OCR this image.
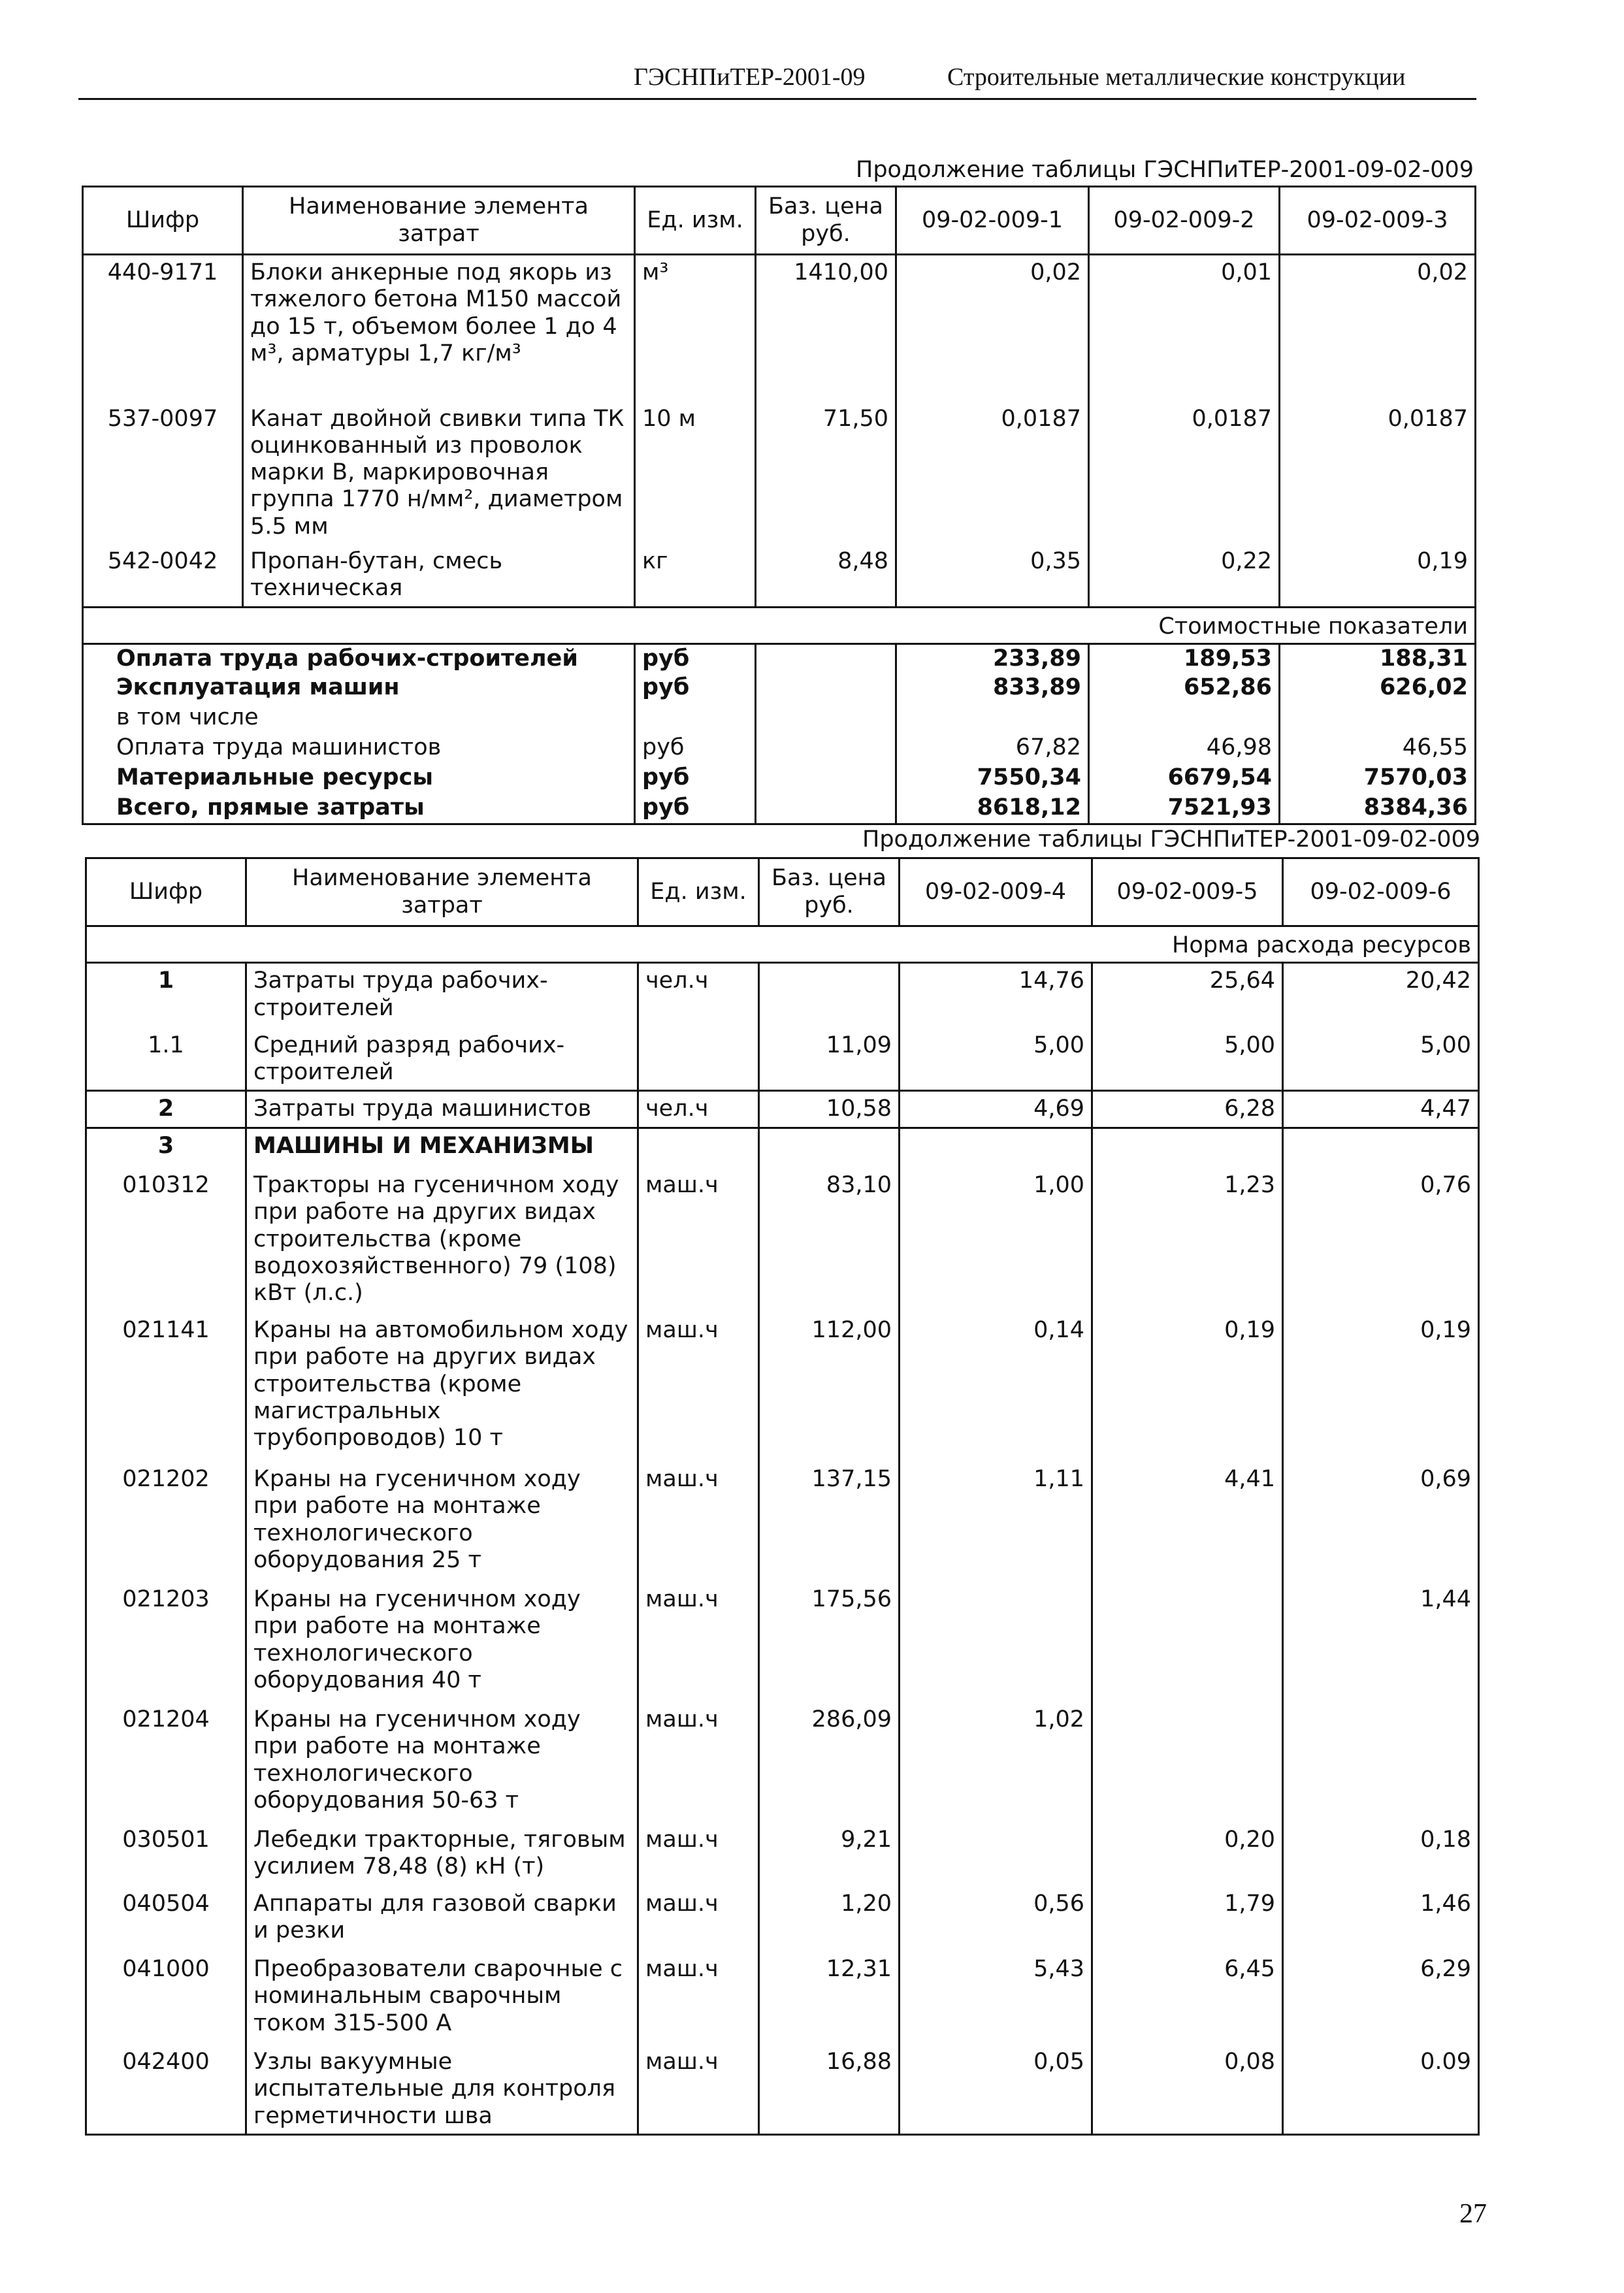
ГЭСНПиТЕР-2001-09	Строительные металлические конструкции
Продолжение таблицы ГЭСНПиТЕР-2001-09-02-009
Шифр	Наименование элемента затрат	Ед. изм.	Баз. цена руб.	09-02-009-1	09-02-009-2	09-02-009-3
440-9171	Блоки анкерные под якорь из тяжелого бетона М150 массой до 15 т, объемом более 1 до 4 м³, арматуры 1,7 кг/м³	м³	1410,00	0,02	0,01	0,02
537-0097	Канат двойной свивки типа ТК оцинкованный из проволок марки В, маркировочная группа 1770 н/мм², диаметром 5.5 мм	10 м	71,50	0,0187	0,0187	0,0187
542-0042	Пропан-бутан, смесь техническая	кг	8,48	0,35	0,22	0,19
Стоимостные показатели						
Оплата труда рабочих-строителей		руб		233,89	189,53	188,31
Эксплуатация машин		руб		833,89	652,86	626,02
в том числе						
Оплата труда машинистов		руб		67,82	46,98	46,55
Материальные ресурсы		руб		7550,34	6679,54	7570,03
Всего, прямые затраты		руб		8618,12	7521,93	8384,36
Продолжение таблицы ГЭСНПиТЕР-2001-09-02-009
Шифр	Наименование элемента затрат	Ед. изм.	Баз. цена руб.	09-02-009-4	09-02-009-5	09-02-009-6
Норма расхода ресурсов						
1	Затраты труда рабочих-строителей	чел.ч		14,76	25,64	20,42
1.1	Средний разряд рабочих-строителей		11,09	5,00	5,00	5,00
2	Затраты труда машинистов	чел.ч	10,58	4,69	6,28	4,47
3	МАШИНЫ И МЕХАНИЗМЫ					
010312	Тракторы на гусеничном ходу при работе на других видах строительства (кроме водохозяйственного) 79 (108) кВт (л.с.)	маш.ч	83,10	1,00	1,23	0,76
021141	Краны на автомобильном ходу при работе на других видах строительства (кроме магистральных трубопроводов) 10 т	маш.ч	112,00	0,14	0,19	0,19
021202	Краны на гусеничном ходу при работе на монтаже технологического оборудования 25 т	маш.ч	137,15	1,11	4,41	0,69
021203	Краны на гусеничном ходу при работе на монтаже технологического оборудования 40 т	маш.ч	175,56			1,44
021204	Краны на гусеничном ходу при работе на монтаже технологического оборудования 50-63 т	маш.ч	286,09	1,02		
030501	Лебедки тракторные, тяговым усилием 78,48 (8) кН (т)	маш.ч	9,21		0,20	0,18
040504	Аппараты для газовой сварки и резки	маш.ч	1,20	0,56	1,79	1,46
041000	Преобразователи сварочные с номинальным сварочным током 315-500 А	маш.ч	12,31	5,43	6,45	6,29
042400	Узлы вакуумные испытательные для контроля герметичности шва	маш.ч	16,88	0,05	0,08	0.09
27
